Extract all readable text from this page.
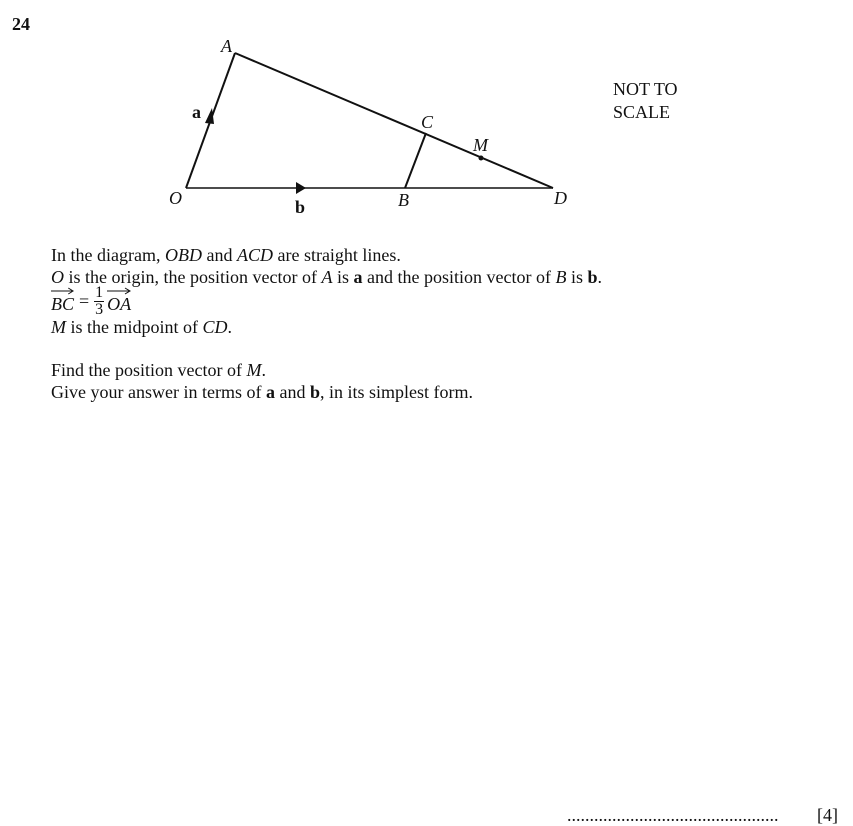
24
A
O	B
C
D
M
a
b
NOT TO
SCALE

In the diagram, OBD and ACD are straight lines.

O is the origin, the position vector of A is a and the position vector of B is b.

BC = $\frac{1}{3}$ OA

M is the midpoint of CD.

Find the position vector of M.

Give your answer in terms of a and b, in its simplest form.

............................................... [4]
